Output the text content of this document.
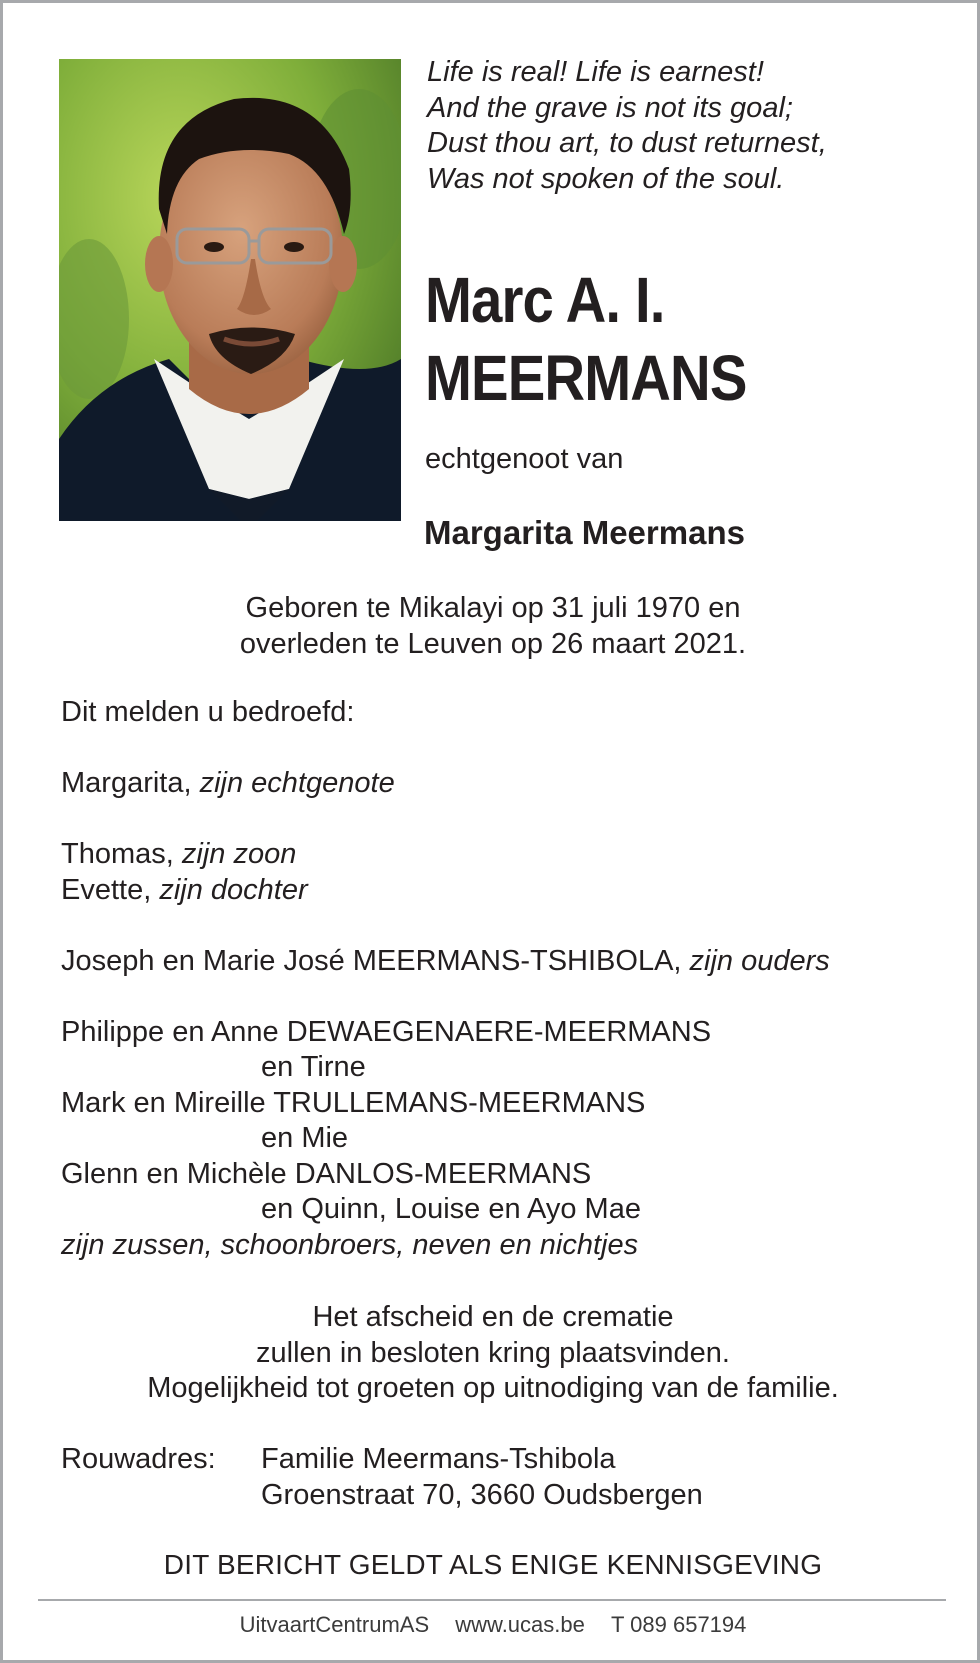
Life is real! Life is earnest!
And the grave is not its goal;
Dust thou art, to dust returnest,
Was not spoken of the soul.
Marc A. I.
MEERMANS
echtgenoot van
Margarita Meermans
Geboren te Mikalayi op 31 juli 1970 en
overleden te Leuven op 26 maart 2021.
Dit melden u bedroefd:
Margarita, zijn echtgenote
Thomas, zijn zoon
Evette, zijn dochter
Joseph en Marie José MEERMANS-TSHIBOLA, zijn ouders
Philippe en Anne DEWAEGENAERE-MEERMANS
en Tirne
Mark en Mireille TRULLEMANS-MEERMANS
en Mie
Glenn en Michèle DANLOS-MEERMANS
en Quinn, Louise en Ayo Mae
zijn zussen, schoonbroers, neven en nichtjes
Het afscheid en de crematie
zullen in besloten kring plaatsvinden.
Mogelijkheid tot groeten op uitnodiging van de familie.
Rouwadres: Familie Meermans-Tshibola
Groenstraat 70, 3660 Oudsbergen
DIT BERICHT GELDT ALS ENIGE KENNISGEVING
UitvaartCentrumAS www.ucas.be T 089 657194
